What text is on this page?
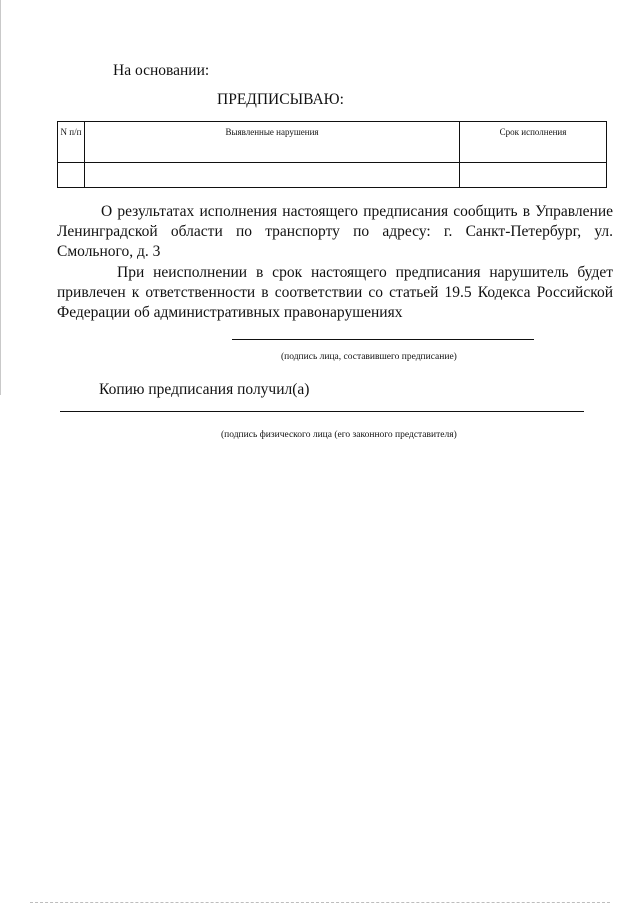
На основании:
ПРЕДПИСЫВАЮ:
N п/п	Выявленные нарушения	Срок исполнения

О результатах исполнения настоящего предписания сообщить в Управление Ленинградской области по транспорту по адресу: г. Санкт-Петербург, ул. Смольного, д. 3
При неисполнении в срок настоящего предписания нарушитель будет привлечен к ответственности в соответствии со статьей 19.5 Кодекса Российской Федерации об административных правонарушениях
(подпись лица, составившего предписание)
Копию предписания получил(а)
(подпись физического лица (его законного представителя)
